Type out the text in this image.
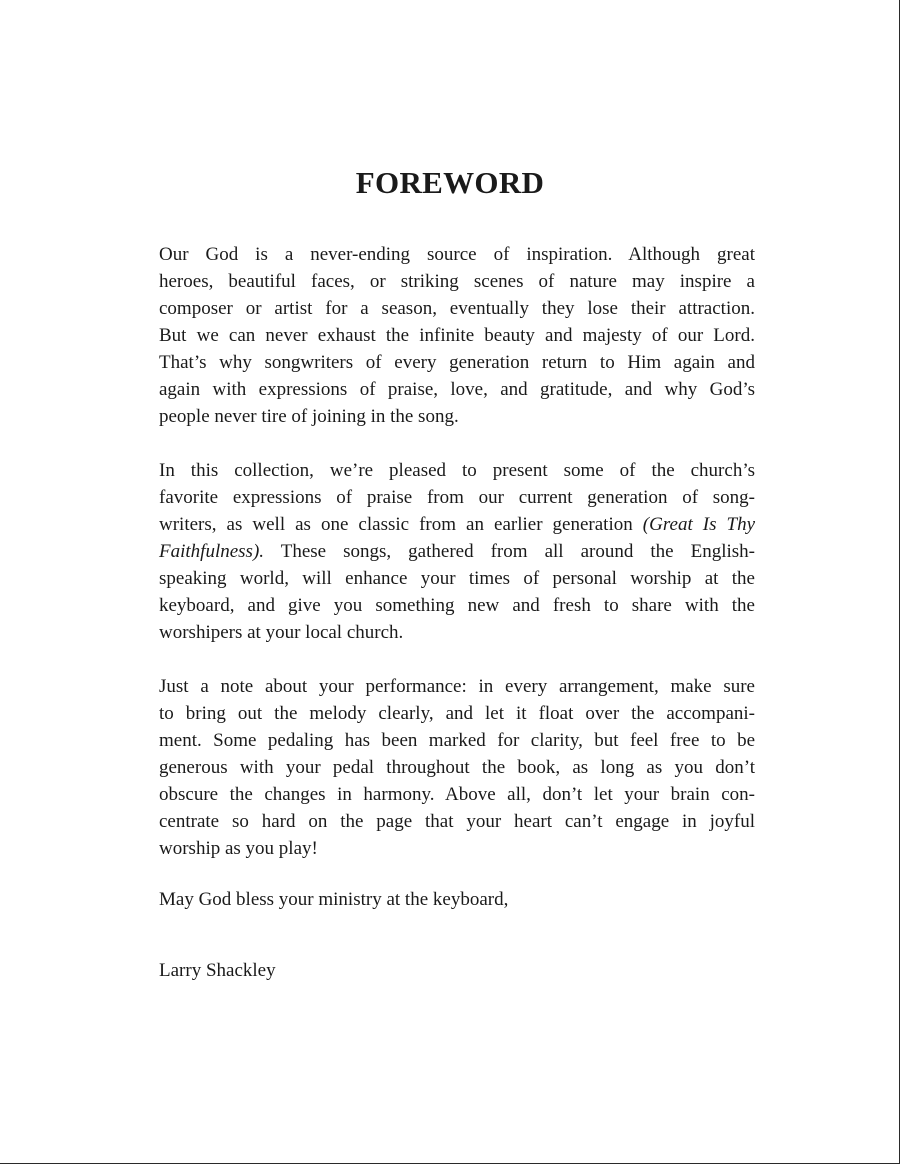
FOREWORD

Our God is a never-ending source of inspiration. Although great
heroes, beautiful faces, or striking scenes of nature may inspire a
composer or artist for a season, eventually they lose their attraction.
But we can never exhaust the infinite beauty and majesty of our Lord.
That’s why songwriters of every generation return to Him again and
again with expressions of praise, love, and gratitude, and why God’s
people never tire of joining in the song.

In this collection, we’re pleased to present some of the church’s
favorite expressions of praise from our current generation of song-
writers, as well as one classic from an earlier generation (Great Is Thy
Faithfulness). These songs, gathered from all around the English-
speaking world, will enhance your times of personal worship at the
keyboard, and give you something new and fresh to share with the
worshipers at your local church.

Just a note about your performance: in every arrangement, make sure
to bring out the melody clearly, and let it float over the accompani-
ment. Some pedaling has been marked for clarity, but feel free to be
generous with your pedal throughout the book, as long as you don’t
obscure the changes in harmony. Above all, don’t let your brain con-
centrate so hard on the page that your heart can’t engage in joyful
worship as you play!

May God bless your ministry at the keyboard,

Larry Shackley
